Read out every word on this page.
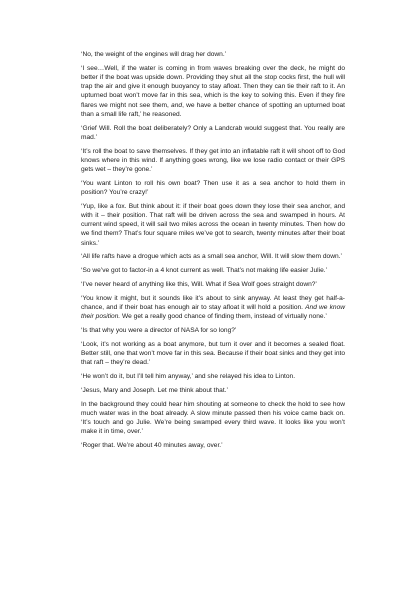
‘No, the weight of the engines will drag her down.’

‘I see…Well, if the water is coming in from waves breaking over the deck, he might do better if the boat was upside down. Providing they shut all the stop cocks first, the hull will trap the air and give it enough buoyancy to stay afloat. Then they can tie their raft to it. An upturned boat won’t move far in this sea, which is the key to solving this. Even if they fire flares we might not see them, and, we have a better chance of spotting an upturned boat than a small life raft,’ he reasoned.

‘Grief Will. Roll the boat deliberately? Only a Landcrab would suggest that. You really are mad.’

‘It’s roll the boat to save themselves. If they get into an inflatable raft it will shoot off to God knows where in this wind. If anything goes wrong, like we lose radio contact or their GPS gets wet – they’re gone.’

‘You want Linton to roll his own boat? Then use it as a sea anchor to hold them in position? You’re crazy!’

‘Yup, like a fox. But think about it: if their boat goes down they lose their sea anchor, and with it – their position. That raft will be driven across the sea and swamped in hours. At current wind speed, it will sail two miles across the ocean in twenty minutes. Then how do we find them? That’s four square miles we’ve got to search, twenty minutes after their boat sinks.’

‘All life rafts have a drogue which acts as a small sea anchor, Will. It will slow them down.’

‘So we’ve got to factor-in a 4 knot current as well. That’s not making life easier Julie.’

‘I’ve never heard of anything like this, Will. What if Sea Wolf goes straight down?’

‘You know it might, but it sounds like it’s about to sink anyway. At least they get half-a-chance, and if their boat has enough air to stay afloat it will hold a position. And we know their position. We get a really good chance of finding them, instead of virtually none.’

‘Is that why you were a director of NASA for so long?’

‘Look, it’s not working as a boat anymore, but turn it over and it becomes a sealed float. Better still, one that won’t move far in this sea. Because if their boat sinks and they get into that raft – they’re dead.’

‘He won’t do it, but I’ll tell him anyway,’ and she relayed his idea to Linton.

‘Jesus, Mary and Joseph. Let me think about that.’

In the background they could hear him shouting at someone to check the hold to see how much water was in the boat already. A slow minute passed then his voice came back on. ‘It’s touch and go Julie. We’re being swamped every third wave. It looks like you won’t make it in time, over.’

‘Roger that. We’re about 40 minutes away, over.’
